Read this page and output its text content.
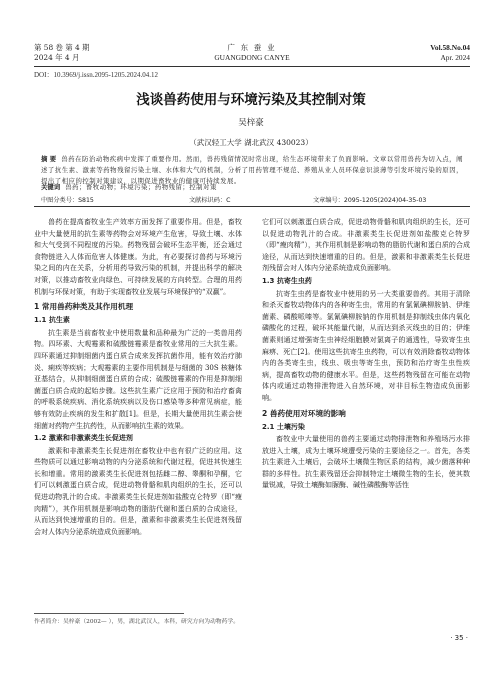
第 58 卷 第 4 期
2024 年 4 月
广 东 蚕 业
GUANGDONG CANYE
Vol.58.No.04
Apr. 2024
DOI：10.3969/j.issn.2095-1205.2024.04.12
浅谈兽药使用与环境污染及其控制对策
吴梓豪
（武汉轻工大学 湖北武汉 430023）
摘 要 兽药在防治动物疾病中发挥了重要作用。然而，兽药残留情况时常出现，给生态环境带来了负面影响。文章以常用兽药为切入点，阐述了抗生素、激素等药物残留污染土壤、水体和大气的机制，分析了用药管理不规范、养殖从业人员环保意识淡薄等引发环境污染的原因，提出了相应的控制对策建议，以期促进畜牧业的健康可持续发展。
关键词 兽药；畜牧动物；环境污染；药物残留；控制对策
中图分类号：S815	文献标识码：C	文章编号：2095-1205(2024)04-35-03

兽药在提高畜牧业生产效率方面发挥了重要作用。但是，畜牧业中大量使用的抗生素等药物会对环境产生危害，导致土壤、水体和大气受到不同程度的污染。药物残留会破坏生态平衡，还会通过食物链进入人体而危害人体健康。为此，有必要探讨兽药与环境污染之间的内在关系，分析用药导致污染的机制，并提出科学的解决对策，以推动畜牧业向绿色、可持续发展的方向转型。合理的用药机制与环保对策，有助于实现畜牧业发展与环境保护的“双赢”。

1 常用兽药种类及其作用机理
1.1 抗生素

抗生素是当前畜牧业中使用数量和品种最为广泛的一类兽用药物。四环素、大观霉素和硫酸链霉素是畜牧业常用的三大抗生素。四环素通过抑制细菌内蛋白质合成来发挥抗菌作用，能有效治疗肺炎、痢疾等疾病；大观霉素的主要作用机制是与细菌的 30S 核糖体亚基结合，从抑制细菌蛋白质的合成；硫酸链霉素的作用是抑制细菌蛋白质合成的起始步骤。这些抗生素广泛应用于预防和治疗畜禽的呼吸系统疾病、消化系统疾病以及伤口感染等多种常见病症，能够有效防止疾病的发生和扩散[1]。但是，长期大量使用抗生素会使细菌对药物产生抗药性，从而影响抗生素的效果。

1.2 激素和非激素类生长促进剂

激素和非激素类生长促进剂在畜牧业中也有很广泛的应用。这些物质可以通过影响动物的内分泌系统和代谢过程，促进其快速生长和增重。常用的激素类生长促进剂包括雌二醇、睾酮和孕酮，它们可以刺激蛋白质合成，促进动物骨骼和肌肉组织的生长，还可以促进动物乳汁的合成。非激素类生长促进剂如盐酸克仑特罗（即“瘦肉精”），其作用机制是影响动物的脂肪代谢和蛋白质的合成途径，从而达到快速增重的目的。但是，激素和非激素类生长促进剂残留会对人体内分泌系统造成负面影响。

它们可以刺激蛋白质合成，促进动物骨骼和肌肉组织的生长，还可以促进动物乳汁的合成。非激素类生长促进剂如盐酸克仑特罗（即“瘦肉精”），其作用机制是影响动物的脂肪代谢和蛋白质的合成途径，从而达到快速增重的目的。但是，激素和非激素类生长促进剂残留会对人体内分泌系统造成负面影响。

1.3 抗寄生虫药

抗寄生虫药是畜牧业中使用的另一大类重要兽药。其用于清除和杀灭畜牧动物体内的各种寄生虫，常用的有氯氰碘柳胺钠、伊维菌素、磷酸哌嗪等。氯氰碘柳胺钠的作用机制是抑制线虫体内氧化磷酸化的过程，破坏其能量代谢，从而达到杀灭线虫的目的；伊维菌素则通过增强寄生虫神经细胞膜对氯离子的通透性，导致寄生虫麻痹、死亡[2]。使用这些抗寄生虫药物，可以有效消除畜牧动物体内的各类寄生虫，线虫、吸虫等寄生虫，预防和治疗寄生虫性疾病，提高畜牧动物的健康水平。但是，这些药物残留在可能在动物体内或通过动物排泄物进入自然环境，对非目标生物造成负面影响。

2 兽药使用对环境的影响
2.1 土壤污染

畜牧业中大量使用的兽药主要通过动物排泄物和养殖场污水排放进入土壤，成为土壤环境遭受污染的主要途径之一。首先，各类抗生素进入土壤后，会破坏土壤微生物区系的结构，减少菌落种种群的多样性。抗生素残留还会抑制特定土壤微生物的生长，使其数量锐减，导致土壤酶如脲酶、碱性磷酸酶等活性

作者简介：吴梓豪（2002— ），男，湖北武汉人，本科，研究方向为动物药学。
· 35 ·
